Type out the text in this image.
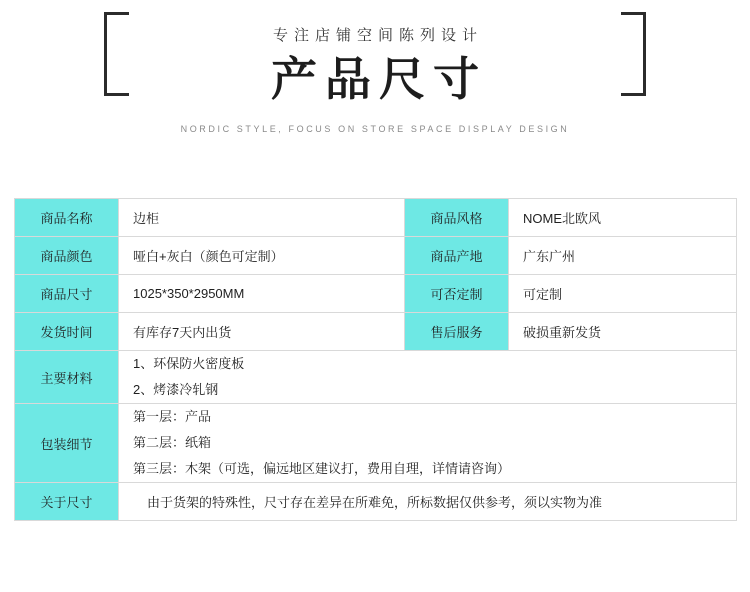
专注店铺空间陈列设计
产品尺寸
NORDIC STYLE, FOCUS ON STORE SPACE DISPLAY DESIGN
商品名称	边柜	商品风格	NOME北欧风
商品颜色	哑白+灰白（颜色可定制）	商品产地	广东广州
商品尺寸	1025*350*2950MM	可否定制	可定制
发货时间	有库存7天内出货	售后服务	破损重新发货
主要材料	1、环保防火密度板
2、烤漆冷轧钢		

包装细节	第一层：产品
第二层：纸箱
第三层：木架（可选，偏远地区建议打，费用自理，详情请咨询）		

关于尺寸	由于货架的特殊性，尺寸存在差异在所难免，所标数据仅供参考，须以实物为准		
